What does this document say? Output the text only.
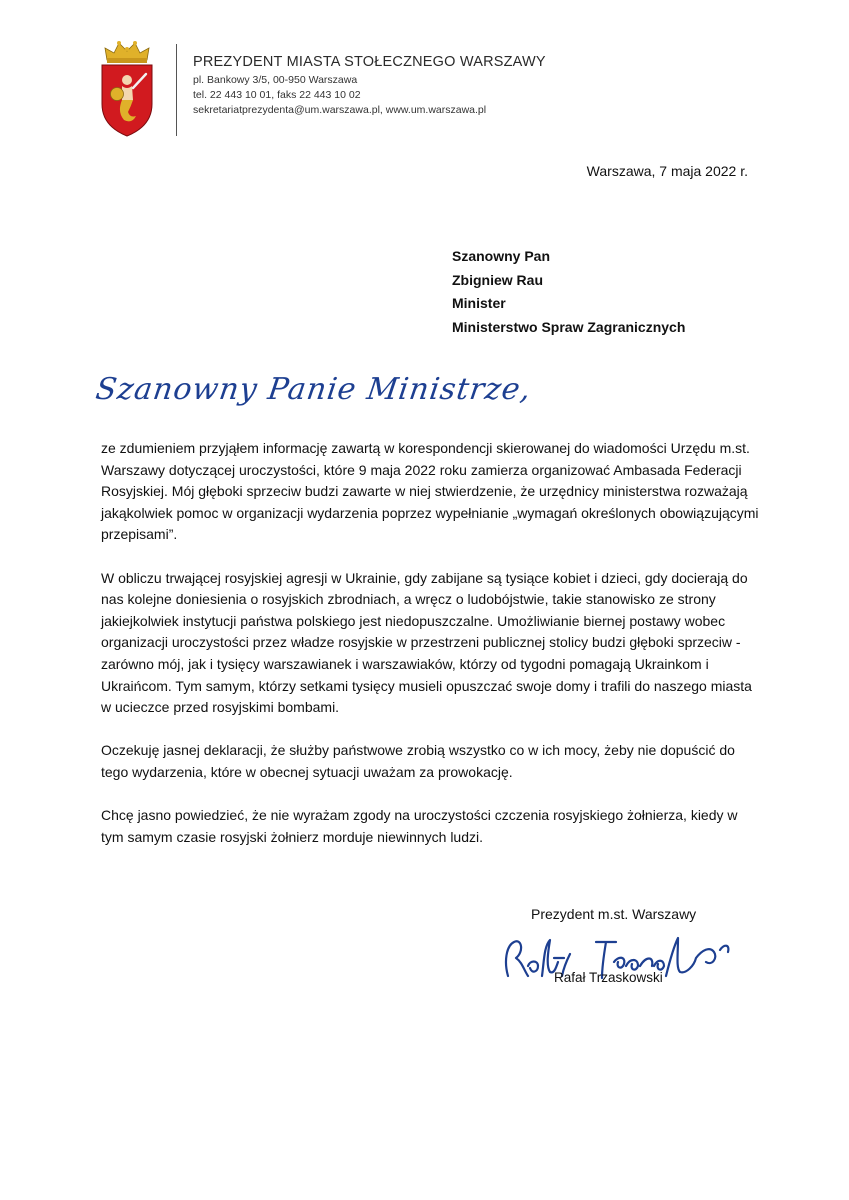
PREZYDENT MIASTA STOŁECZNEGO WARSZAWY
pl. Bankowy 3/5, 00-950 Warszawa
tel. 22 443 10 01, faks 22 443 10 02
sekretariatprezydenta@um.warszawa.pl, www.um.warszawa.pl
Warszawa, 7 maja 2022 r.
Szanowny Pan
Zbigniew Rau
Minister
Ministerstwo Spraw Zagranicznych
Szanowny Panie Ministrze,

ze zdumieniem przyjąłem informację zawartą w korespondencji skierowanej do wiadomości Urzędu m.st. Warszawy dotyczącej uroczystości, które 9 maja 2022 roku zamierza organizować Ambasada Federacji Rosyjskiej. Mój głęboki sprzeciw budzi zawarte w niej stwierdzenie, że urzędnicy ministerstwa rozważają jakąkolwiek pomoc w organizacji wydarzenia poprzez wypełnianie „wymagań określonych obowiązującymi przepisami”.

W obliczu trwającej rosyjskiej agresji w Ukrainie, gdy zabijane są tysiące kobiet i dzieci, gdy docierają do nas kolejne doniesienia o rosyjskich zbrodniach, a wręcz o ludobójstwie, takie stanowisko ze strony jakiejkolwiek instytucji państwa polskiego jest niedopuszczalne. Umożliwianie biernej postawy wobec organizacji uroczystości przez władze rosyjskie w przestrzeni publicznej stolicy budzi głęboki sprzeciw - zarówno mój, jak i tysięcy warszawianek i warszawiaków, którzy od tygodni pomagają Ukrainkom i Ukraińcom. Tym samym, którzy setkami tysięcy musieli opuszczać swoje domy i trafili do naszego miasta w ucieczce przed rosyjskimi bombami.

Oczekuję jasnej deklaracji, że służby państwowe zrobią wszystko co w ich mocy, żeby nie dopuścić do tego wydarzenia, które w obecnej sytuacji uważam za prowokację.

Chcę jasno powiedzieć, że nie wyrażam zgody na uroczystości czczenia rosyjskiego żołnierza, kiedy w tym samym czasie rosyjski żołnierz morduje niewinnych ludzi.

Prezydent m.st. Warszawy
Rafał Trzaskowski
